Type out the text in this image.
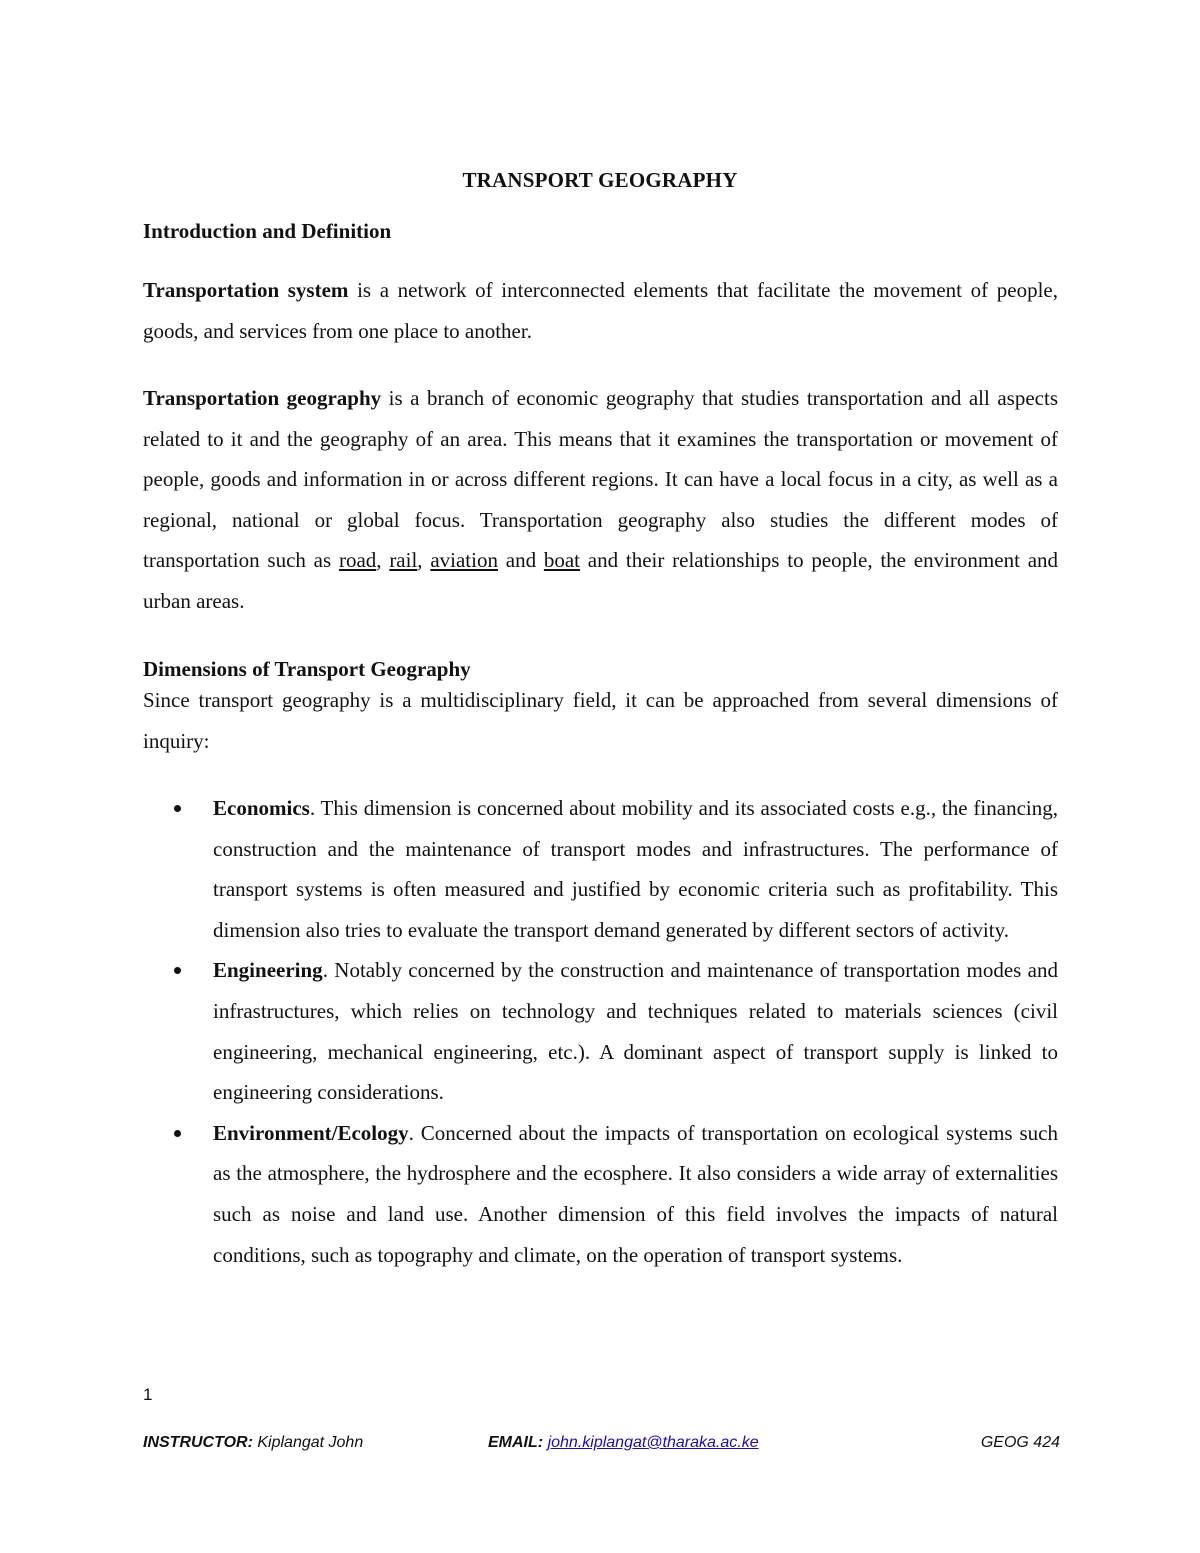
TRANSPORT GEOGRAPHY
Introduction and Definition

Transportation system is a network of interconnected elements that facilitate the movement of people, goods, and services from one place to another.

Transportation geography is a branch of economic geography that studies transportation and all aspects related to it and the geography of an area. This means that it examines the transportation or movement of people, goods and information in or across different regions. It can have a local focus in a city, as well as a regional, national or global focus. Transportation geography also studies the different modes of transportation such as road, rail, aviation and boat and their relationships to people, the environment and urban areas.

Dimensions of Transport Geography

Since transport geography is a multidisciplinary field, it can be approached from several dimensions of inquiry:

Economics. This dimension is concerned about mobility and its associated costs e.g., the financing, construction and the maintenance of transport modes and infrastructures. The performance of transport systems is often measured and justified by economic criteria such as profitability. This dimension also tries to evaluate the transport demand generated by different sectors of activity.
Engineering. Notably concerned by the construction and maintenance of transportation modes and infrastructures, which relies on technology and techniques related to materials sciences (civil engineering, mechanical engineering, etc.). A dominant aspect of transport supply is linked to engineering considerations.
Environment/Ecology. Concerned about the impacts of transportation on ecological systems such as the atmosphere, the hydrosphere and the ecosphere. It also considers a wide array of externalities such as noise and land use. Another dimension of this field involves the impacts of natural conditions, such as topography and climate, on the operation of transport systems.
1
INSTRUCTOR: Kiplangat John	EMAIL: john.kiplangat@tharaka.ac.ke	GEOG 424
